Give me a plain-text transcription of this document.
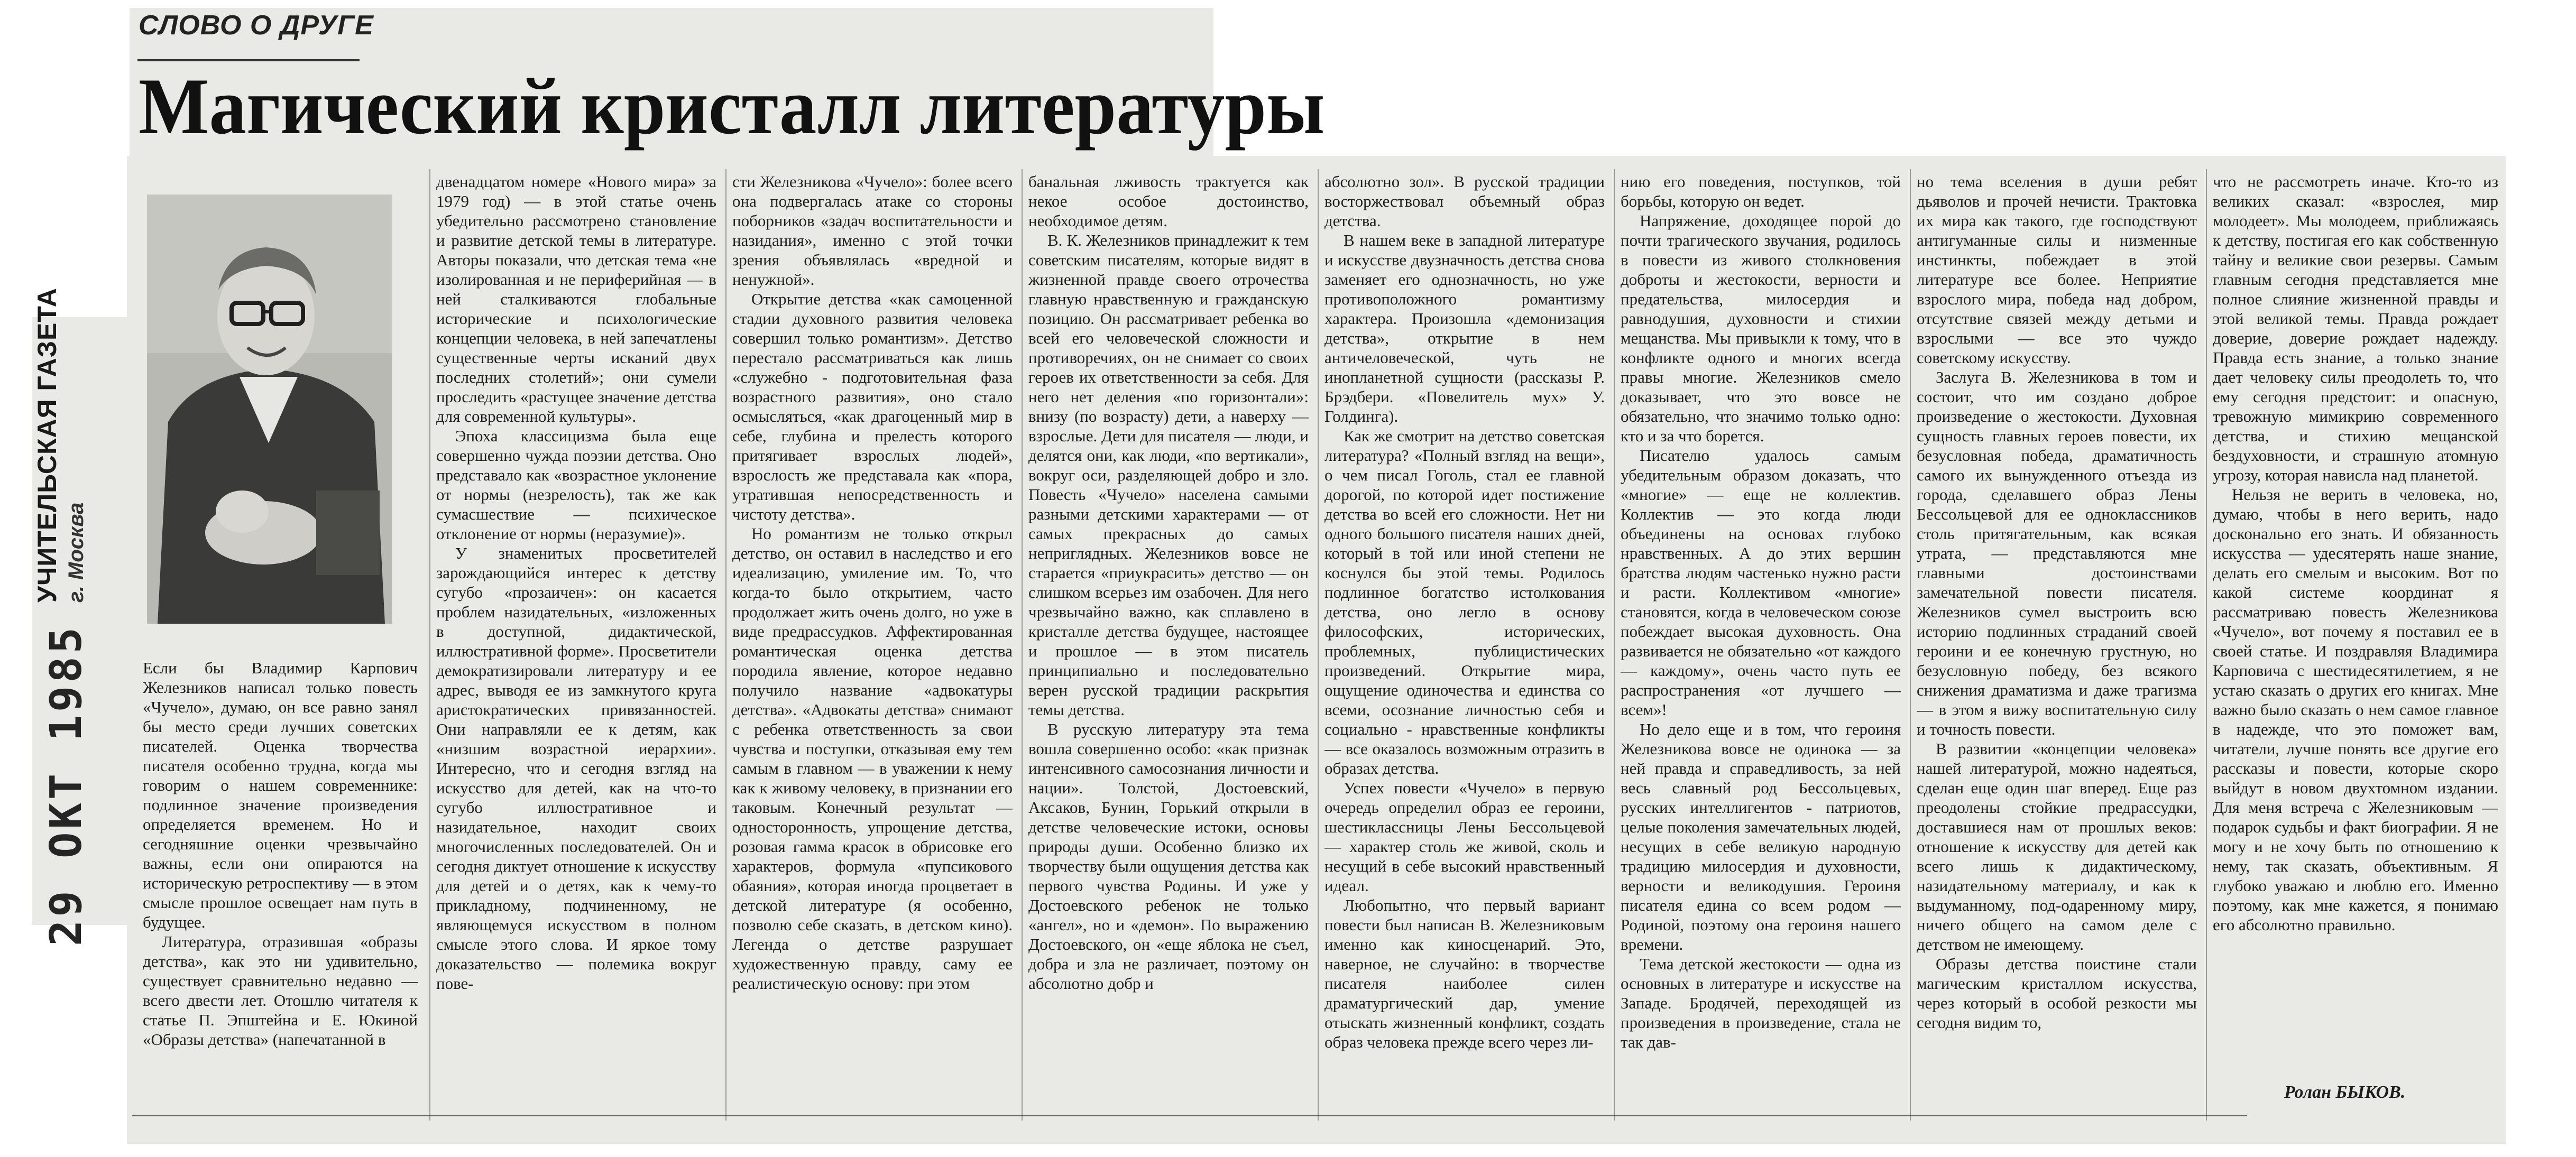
СЛОВО О ДРУГЕ
Магический кристалл литературы
г. Москва
29 ОКТ 1985	Если бы Владимир Карпович Железников написал только повесть «Чучело», думаю, он все равно занял бы место среди лучших советских писателей. Оценка творчества писателя особенно трудна, когда мы говорим о нашем современнике: подлинное значение произведения определяется временем. Но и сегодняшние оценки чрезвычайно важны, если они опираются на историческую ретроспективу — в этом смысле прошлое освещает нам путь в будущее.

Литература, отразившая «образы детства», как это ни удивительно, существует сравнительно недавно — всего двести лет. Отошлю читателя к статье П. Эпштейна и Е. Юкиной «Образы детства» (напечатанной в

двенадцатом номере «Нового мира» за 1979 год) — в этой статье очень убедительно рассмотрено становление и развитие детской темы в литературе. Авторы показали, что детская тема «не изолированная и не периферийная — в ней сталкиваются глобальные исторические и психологические концепции человека, в ней запечатлены существенные черты исканий двух последних столетий»; они сумели проследить «растущее значение детства для современной культуры».

Эпоха классицизма была еще совершенно чужда поэзии детства. Оно представало как «возрастное уклонение от нормы (незрелость), так же как сумасшествие — психическое отклонение от нормы (неразумие)».

У знаменитых просветителей зарождающийся интерес к детству сугубо «прозаичен»: он касается проблем назидательных, «изложенных в доступной, дидактической, иллюстративной форме». Просветители демократизировали литературу и ее адрес, выводя ее из замкнутого круга аристократических привязанностей. Они направляли ее к детям, как «низшим возрастной иерархии». Интересно, что и сегодня взгляд на искусство для детей, как на что-то сугубо иллюстративное и назидательное, находит своих многочисленных последователей. Он и сегодня диктует отношение к искусству для детей и о детях, как к чему-то прикладному, подчиненному, не являющемуся искусством в полном смысле этого слова. И яркое тому доказательство — полемика вокруг пове-

сти Железникова «Чучело»: более всего она подвергалась атаке со стороны поборников «задач воспитательности и назидания», именно с этой точки зрения объявлялась «вредной и ненужной».

Открытие детства «как самоценной стадии духовного развития человека совершил только романтизм». Детство перестало рассматриваться как лишь «служебно - подготовительная фаза возрастного развития», оно стало осмысляться, «как драгоценный мир в себе, глубина и прелесть которого притягивает взрослых людей», взрослость же представала как «пора, утратившая непосредственность и чистоту детства».

Но романтизм не только открыл детство, он оставил в наследство и его идеализацию, умиление им. То, что когда-то было открытием, часто продолжает жить очень долго, но уже в виде предрассудков. Аффектированная романтическая оценка детства породила явление, которое недавно получило название «адвокатуры детства». «Адвокаты детства» снимают с ребенка ответственность за свои чувства и поступки, отказывая ему тем самым в главном — в уважении к нему как к живому человеку, в признании его таковым. Конечный результат — односторонность, упрощение детства, розовая гамма красок в обрисовке его характеров, формула «пупсикового обаяния», которая иногда процветает в детской литературе (я особенно, позволю себе сказать, в детском кино). Легенда о детстве разрушает художественную правду, саму ее реалистическую основу: при этом

банальная лживость трактуется как некое особое достоинство, необходимое детям.

В. К. Железников принадлежит к тем советским писателям, которые видят в жизненной правде своего отрочества главную нравственную и гражданскую позицию. Он рассматривает ребенка во всей его человеческой сложности и противоречиях, он не снимает со своих героев их ответственности за себя. Для него нет деления «по горизонтали»: внизу (по возрасту) дети, а наверху — взрослые. Дети для писателя — люди, и делятся они, как люди, «по вертикали», вокруг оси, разделяющей добро и зло. Повесть «Чучело» населена самыми разными детскими характерами — от самых прекрасных до самых неприглядных. Железников вовсе не старается «приукрасить» детство — он слишком всерьез им озабочен. Для него чрезвычайно важно, как сплавлено в кристалле детства будущее, настоящее и прошлое — в этом писатель принципиально и последовательно верен русской традиции раскрытия темы детства.

В русскую литературу эта тема вошла совершенно особо: «как признак интенсивного самосознания личности и нации». Толстой, Достоевский, Аксаков, Бунин, Горький открыли в детстве человеческие истоки, основы природы души. Особенно близко их творчеству были ощущения детства как первого чувства Родины. И уже у Достоевского ребенок не только «ангел», но и «демон». По выражению Достоевского, он «еще яблока не съел, добра и зла не различает, поэтому он абсолютно добр и

абсолютно зол». В русской традиции восторжествовал объемный образ детства.

В нашем веке в западной литературе и искусстве двузначность детства снова заменяет его однозначность, но уже противоположного романтизму характера. Произошла «демонизация детства», открытие в нем античеловеческой, чуть не инопланетной сущности (рассказы Р. Брэдбери. «Повелитель мух» У. Голдинга).

Как же смотрит на детство советская литература? «Полный взгляд на вещи», о чем писал Гоголь, стал ее главной дорогой, по которой идет постижение детства во всей его сложности. Нет ни одного большого писателя наших дней, который в той или иной степени не коснулся бы этой темы. Родилось подлинное богатство истолкования детства, оно легло в основу философских, исторических, проблемных, публицистических произведений. Открытие мира, ощущение одиночества и единства со всеми, осознание личностью себя и социально - нравственные конфликты — все оказалось возможным отразить в образах детства.

Успех повести «Чучело» в первую очередь определил образ ее героини, шестиклассницы Лены Бессольцевой — характер столь же живой, сколь и несущий в себе высокий нравственный идеал.

Любопытно, что первый вариант повести был написан В. Железниковым именно как киносценарий. Это, наверное, не случайно: в творчестве писателя наиболее силен драматургический дар, умение отыскать жизненный конфликт, создать образ человека прежде всего через ли-

нию его поведения, поступков, той борьбы, которую он ведет.

Напряжение, доходящее порой до почти трагического звучания, родилось в повести из живого столкновения доброты и жестокости, верности и предательства, милосердия и равнодушия, духовности и стихии мещанства. Мы привыкли к тому, что в конфликте одного и многих всегда правы многие. Железников смело доказывает, что это вовсе не обязательно, что значимо только одно: кто и за что борется.

Писателю удалось самым убедительным образом доказать, что «многие» — еще не коллектив. Коллектив — это когда люди объединены на основах глубоко нравственных. А до этих вершин братства людям частенько нужно расти и расти. Коллективом «многие» становятся, когда в человеческом союзе побеждает высокая духовность. Она развивается не обязательно «от каждого — каждому», очень часто путь ее распространения «от лучшего — всем»!

Но дело еще и в том, что героиня Железникова вовсе не одинока — за ней правда и справедливость, за ней весь славный род Бессольцевых, русских интеллигентов - патриотов, целые поколения замечательных людей, несущих в себе великую народную традицию милосердия и духовности, верности и великодушия. Героиня писателя едина со всем родом — Родиной, поэтому она героиня нашего времени.

Тема детской жестокости — одна из основных в литературе и искусстве на Западе. Бродячей, переходящей из произведения в произведение, стала не так дав-

но тема вселения в души ребят дьяволов и прочей нечисти. Трактовка их мира как такого, где господствуют антигуманные силы и низменные инстинкты, побеждает в этой литературе все более. Неприятие взрослого мира, победа над добром, отсутствие связей между детьми и взрослыми — все это чуждо советскому искусству.

Заслуга В. Железникова в том и состоит, что им создано доброе произведение о жестокости. Духовная сущность главных героев повести, их безусловная победа, драматичность самого их вынужденного отъезда из города, сделавшего образ Лены Бессольцевой для ее одноклассников столь притягательным, как всякая утрата, — представляются мне главными достоинствами замечательной повести писателя. Железников сумел выстроить всю историю подлинных страданий своей героини и ее конечную грустную, но безусловную победу, без всякого снижения драматизма и даже трагизма — в этом я вижу воспитательную силу и точность повести.

В развитии «концепции человека» нашей литературой, можно надеяться, сделан еще один шаг вперед. Еще раз преодолены стойкие предрассудки, доставшиеся нам от прошлых веков: отношение к искусству для детей как всего лишь к дидактическому, назидательному материалу, и как к выдуманному, под-одаренному миру, ничего общего на самом деле с детством не имеющему.

Образы детства поистине стали магическим кристаллом искусства, через который в особой резкости мы сегодня видим то,

что не рассмотреть иначе. Кто-то из великих сказал: «взрослея, мир молодеет». Мы молодеем, приближаясь к детству, постигая его как собственную тайну и великие свои резервы. Самым главным сегодня представляется мне полное слияние жизненной правды и этой великой темы. Правда рождает доверие, доверие рождает надежду. Правда есть знание, а только знание дает человеку силы преодолеть то, что ему сегодня предстоит: и опасную, тревожную мимикрию современного детства, и стихию мещанской бездуховности, и страшную атомную угрозу, которая нависла над планетой.

Нельзя не верить в человека, но, думаю, чтобы в него верить, надо досконально его знать. И обязанность искусства — удесятерять наше знание, делать его смелым и высоким. Вот по какой системе координат я рассматриваю повесть Железникова «Чучело», вот почему я поставил ее в своей статье. И поздравляя Владимира Карповича с шестидесятилетием, я не устаю сказать о других его книгах. Мне важно было сказать о нем самое главное в надежде, что это поможет вам, читатели, лучше понять все другие его рассказы и повести, которые скоро выйдут в новом двухтомном издании. Для меня встреча с Железниковым — подарок судьбы и факт биографии. Я не могу и не хочу быть по отношению к нему, так сказать, объективным. Я глубоко уважаю и люблю его. Именно поэтому, как мне кажется, я понимаю его абсолютно правильно.

Ролан БЫКОВ.
